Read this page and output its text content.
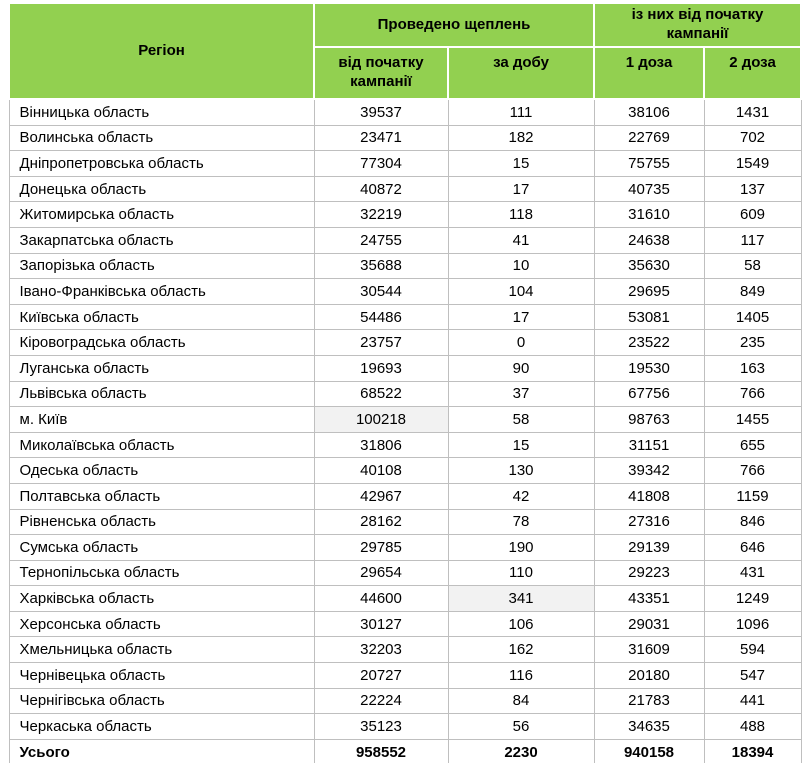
Регіон	Проведено щеплень		із них від початку кампанії	
	від початку кампанії	за добу	1 доза	2 доза
Вінницька область	39537	111	38106	1431
Волинська область	23471	182	22769	702
Дніпропетровська область	77304	15	75755	1549
Донецька область	40872	17	40735	137
Житомирська область	32219	118	31610	609
Закарпатська область	24755	41	24638	117
Запорізька область	35688	10	35630	58
Івано-Франківська область	30544	104	29695	849
Київська область	54486	17	53081	1405
Кіровоградська область	23757	0	23522	235
Луганська область	19693	90	19530	163
Львівська область	68522	37	67756	766
м. Київ	100218	58	98763	1455
Миколаївська область	31806	15	31151	655
Одеська область	40108	130	39342	766
Полтавська область	42967	42	41808	1159
Рівненська область	28162	78	27316	846
Сумська область	29785	190	29139	646
Тернопільська область	29654	110	29223	431
Харківська область	44600	341	43351	1249
Херсонська область	30127	106	29031	1096
Хмельницька область	32203	162	31609	594
Чернівецька область	20727	116	20180	547
Чернігівська область	22224	84	21783	441
Черкаська область	35123	56	34635	488
Усього	958552	2230	940158	18394
